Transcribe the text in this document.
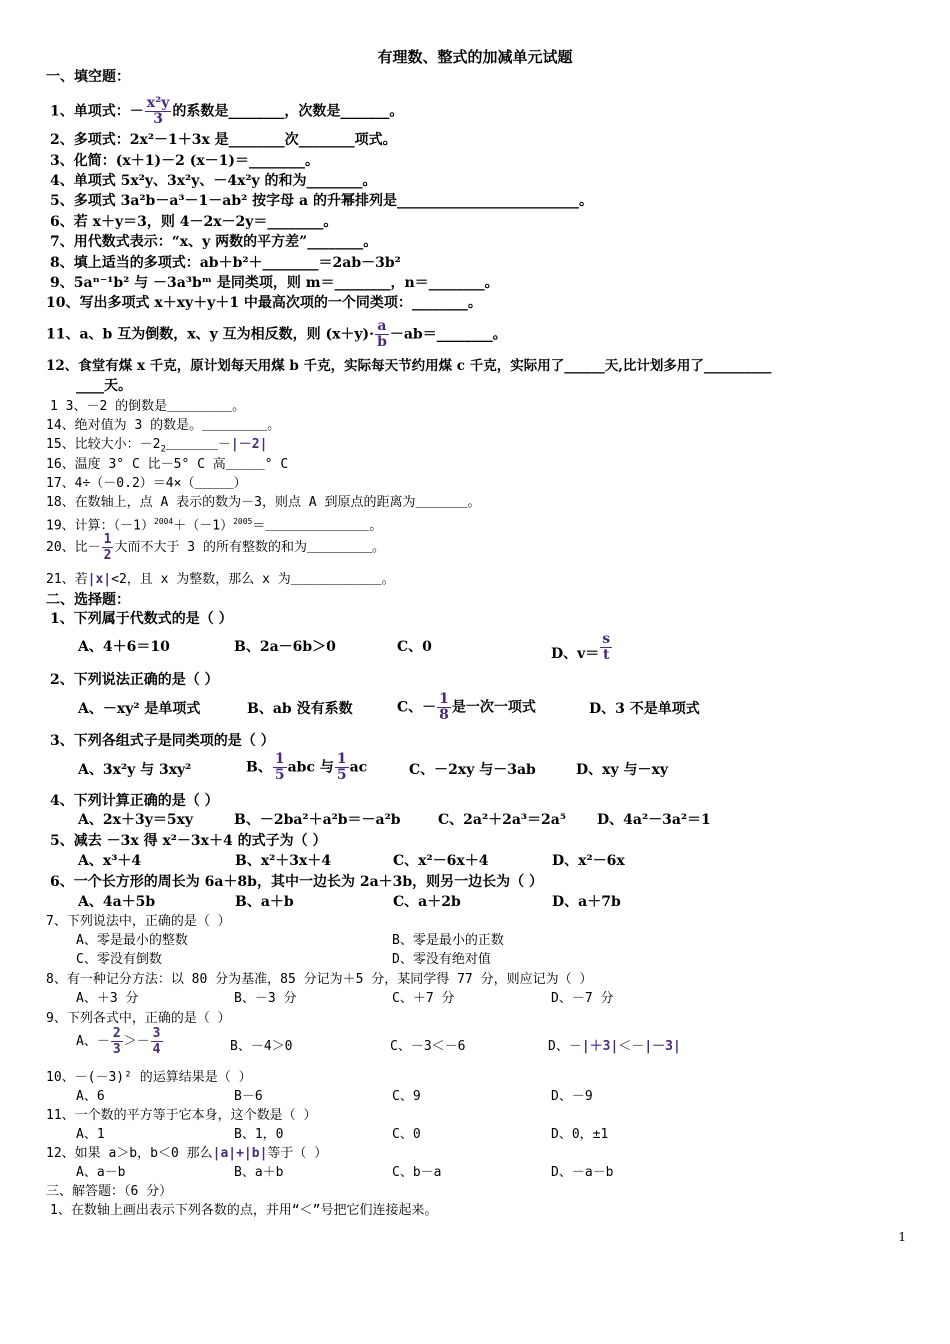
有理数、整式的加减单元试题
一、填空题：
1、单项式：－ $\frac{\text{x²y}}{3}$ 的系数是________，次数是_______。
2、多项式：2x²－1＋3x 是________次________项式。
3、化简：(x＋1)－2 (x－1)＝________。
4、单项式 5x²y、3x²y、－4x²y 的和为________。
5、多项式 3a²b－a³－1－ab² 按字母 a 的升幂排列是__________________________。
6、若 x＋y＝3，则 4－2x－2y＝________。
7、用代数式表示：“x、y 两数的平方差”________。
8、填上适当的多项式：ab＋b²＋________＝2ab－3b²
9、5aⁿ⁻¹b² 与 －3a³bᵐ 是同类项，则 m＝________，n＝________。
10、写出多项式 x＋xy＋y＋1 中最高次项的一个同类项：________。
11、a、b 互为倒数，x、y 互为相反数，则 $(x+y)\cdot \frac{a}{b}$ －ab＝________。
12、食堂有煤 x 千克，原计划每天用煤 b 千克，实际每天节约用煤 c 千克，实际用了______天,比计划多用了__________
____天。
1 3、－2 的倒数是＿＿＿＿＿。
14、绝对值为 3 的数是。＿＿＿＿＿。
15、比较大小：$-2_2\_\_\_\_-|-2|$
16、温度 3° C 比－5° C 高＿＿＿° C
17、4÷（－0.2）＝4×（＿＿＿）
18、在数轴上，点 A 表示的数为－3，则点 A 到原点的距离为＿＿＿＿。
19、计算：$(-1)^{2004}+(-1)^{2005}=\_\_\_\_\_\_\_\_$。
20、比－ $\frac{1}{2}$ 大而不大于 3 的所有整数的和为＿＿＿＿＿。
21、若|x|<2，且 x 为整数，那么 x 为＿＿＿＿＿＿＿。
二、选择题：
1、下列属于代数式的是（ ）
A、4＋6＝10	B、2a－6b＞0	C、0	D、$v= \frac{s}{t}$
2、下列说法正确的是（ ）
A、－xy² 是单项式	B、ab 没有系数	C、－ $\frac{1}{8}$ 是一次一项式	D、3 不是单项式
3、下列各组式子是同类项的是（ ）
A、3x²y 与 3xy²	B、 $\frac{1}{5}$ abc 与 $\frac{1}{5}$ ac	C、－2xy 与－3ab	D、xy 与－xy
4、下列计算正确的是（ ）
A、2x＋3y＝5xy	B、－2ba²＋a²b＝－a²b	C、2a²＋2a³＝2a⁵ D、4a²－3a²＝1
5、减去 －3x 得 x²－3x＋4 的式子为（ ）
A、x³＋4	B、x²＋3x＋4	C、x²－6x＋4	D、x²－6x
6、一个长方形的周长为 6a＋8b，其中一边长为 2a＋3b，则另一边长为（ ）
A、4a＋5b	B、a＋b	C、a＋2b	D、a＋7b
7、下列说法中，正确的是（ ）
A、零是最小的整数	B、零是最小的正数
C、零没有倒数	D、零没有绝对值
8、有一种记分方法：以 80 分为基准，85 分记为＋5 分，某同学得 77 分，则应记为（ ）
A、＋3 分	B、－3 分	C、＋7 分	D、－7 分
9、下列各式中，正确的是（ ）
A、－ $\frac{2}{3} >- \frac{3}{4}$	B、－4＞0	C、－3＜－6	D、－|＋3|＜－|－3|
10、－(－3)² 的运算结果是（ ）
A、6	B－6	C、9	D、－9
11、一个数的平方等于它本身，这个数是（ ）
A、1	B、1，0	C、0	D、0，±1
12、如果 a＞b，b＜0 那么|a|+|b|等于（ ）
A、a－b	B、a＋b	C、b－a	D、－a－b
三、解答题：（6 分）
1、在数轴上画出表示下列各数的点，并用“＜”号把它们连接起来。
1
